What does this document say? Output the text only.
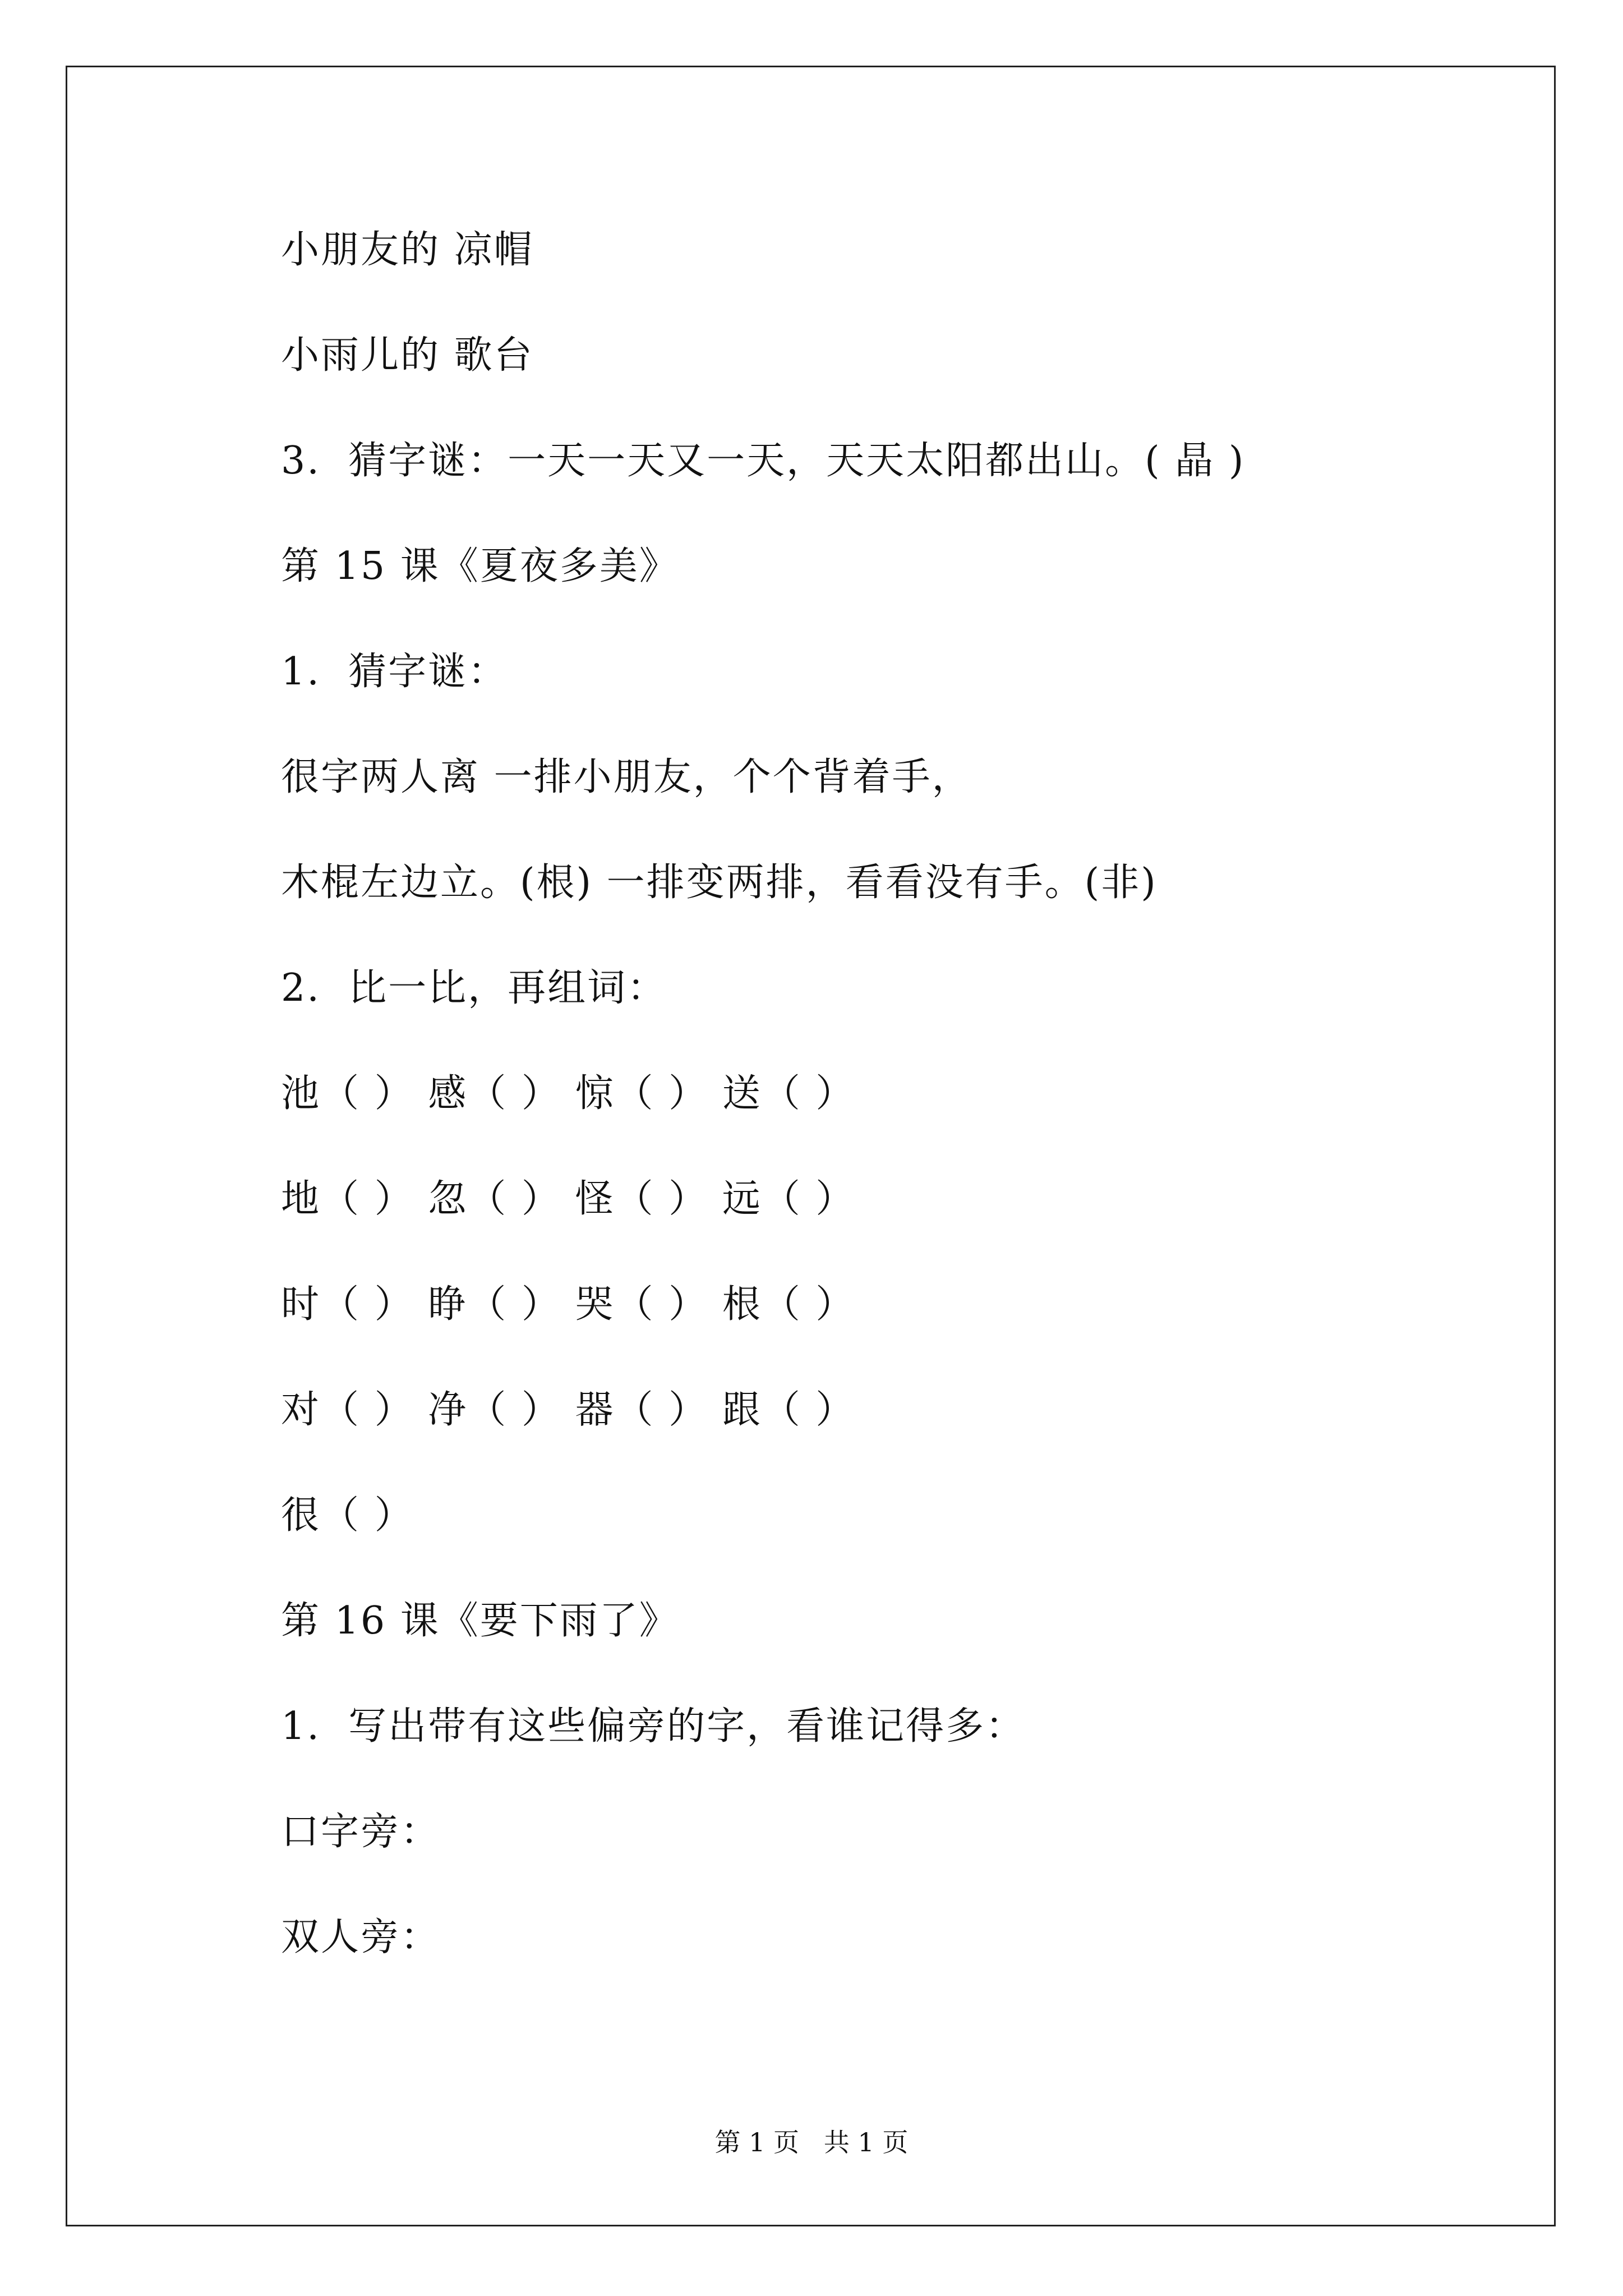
小朋友的 凉帽
小雨儿的 歌台
3.  猜字谜：一天一天又一天，天天太阳都出山。( 晶 )
第 15 课《夏夜多美》
1.  猜字谜：
很字两人离 一排小朋友，个个背着手，
木棍左边立。(根) 一排变两排，看看没有手。(非)
2.  比一比，再组词：
池（ ） 感（ ） 惊（ ） 送（ ）
地（ ） 忽（ ） 怪（ ） 远（ ）
时（ ） 睁（ ） 哭（ ） 根（ ）
对（ ） 净（ ） 器（ ） 跟（ ）
很（ ）
第 16 课《要下雨了》
1.  写出带有这些偏旁的字，看谁记得多：
口字旁：
双人旁：
第 1 页   共 1 页
